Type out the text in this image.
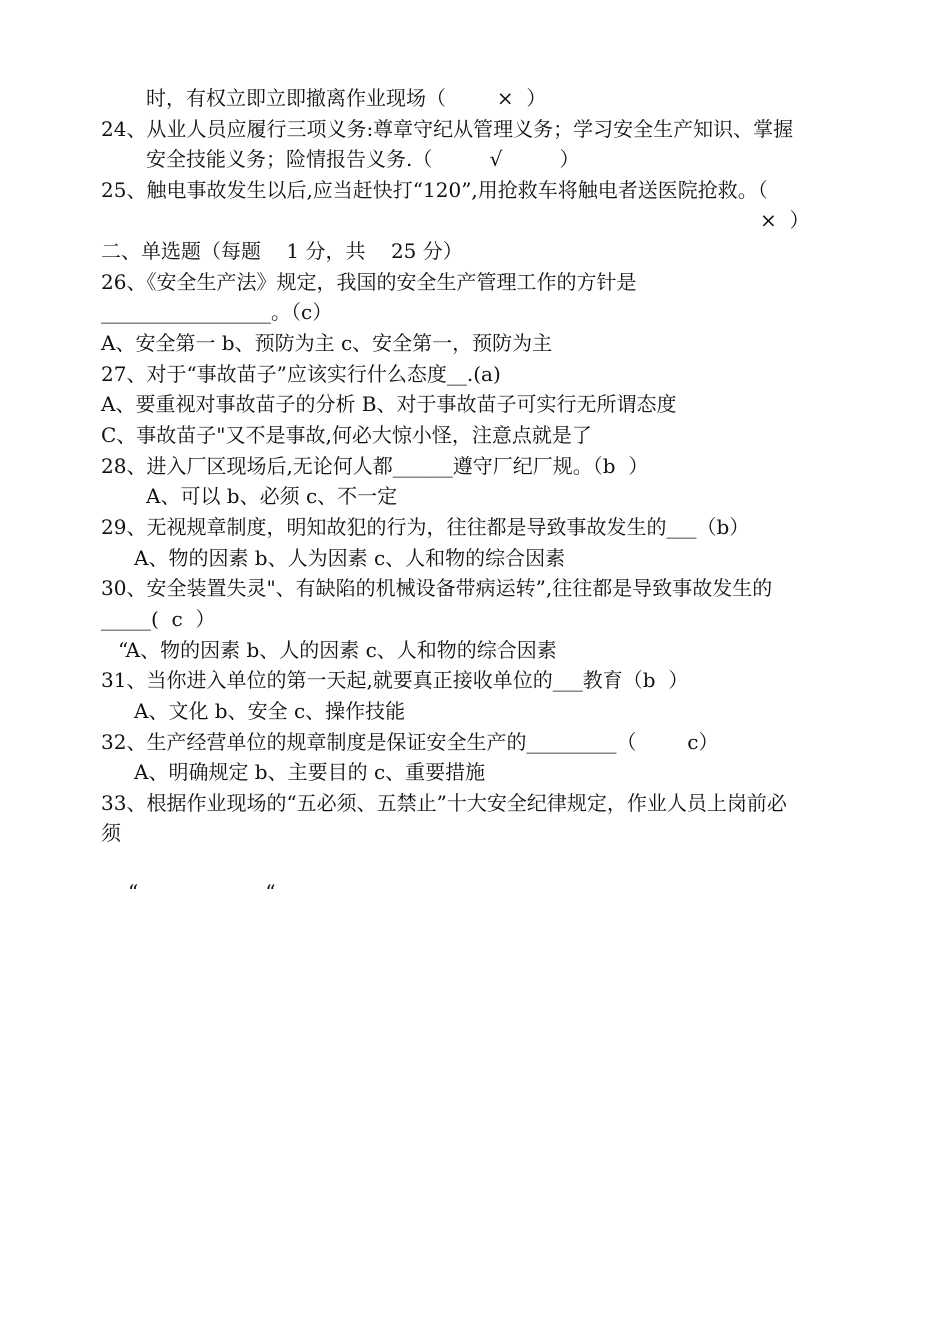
时，有权立即立即撤离作业现场（        ×  ）
24、从业人员应履行三项义务:尊章守纪从管理义务；学习安全生产知识、掌握
安全技能义务；险情报告义务.（         √         ）
25、触电事故发生以后,应当赶快打“120”,用抢救车将触电者送医院抢救。（
×  ）
二、单选题（每题    1 分，共    25 分）
26、《安全生产法》规定，我国的安全生产管理工作的方针是
_________________。（c）
A、安全第一 b、预防为主 c、安全第一，预防为主
27、对于“事故苗子”应该实行什么态度__.(a)
A、要重视对事故苗子的分析 B、对于事故苗子可实行无所谓态度
C、事故苗子"又不是事故,何必大惊小怪，注意点就是了
28、进入厂区现场后,无论何人都______遵守厂纪厂规。（b  ）
A、可以 b、必须 c、不一定
29、无视规章制度，明知故犯的行为，往往都是导致事故发生的___（b）
A、物的因素 b、人为因素 c、人和物的综合因素
30、安全装置失灵"、有缺陷的机械设备带病运转”,往往都是导致事故发生的
_____(  c  ）
“A、物的因素 b、人的因素 c、人和物的综合因素
31、当你进入单位的第一天起,就要真正接收单位的___教育（b  ）
A、文化 b、安全 c、操作技能
32、生产经营单位的规章制度是保证安全生产的_________（        c）
A、明确规定 b、主要目的 c、重要措施
33、根据作业现场的“五必须、五禁止”十大安全纪律规定，作业人员上岗前必
须
“                    “
